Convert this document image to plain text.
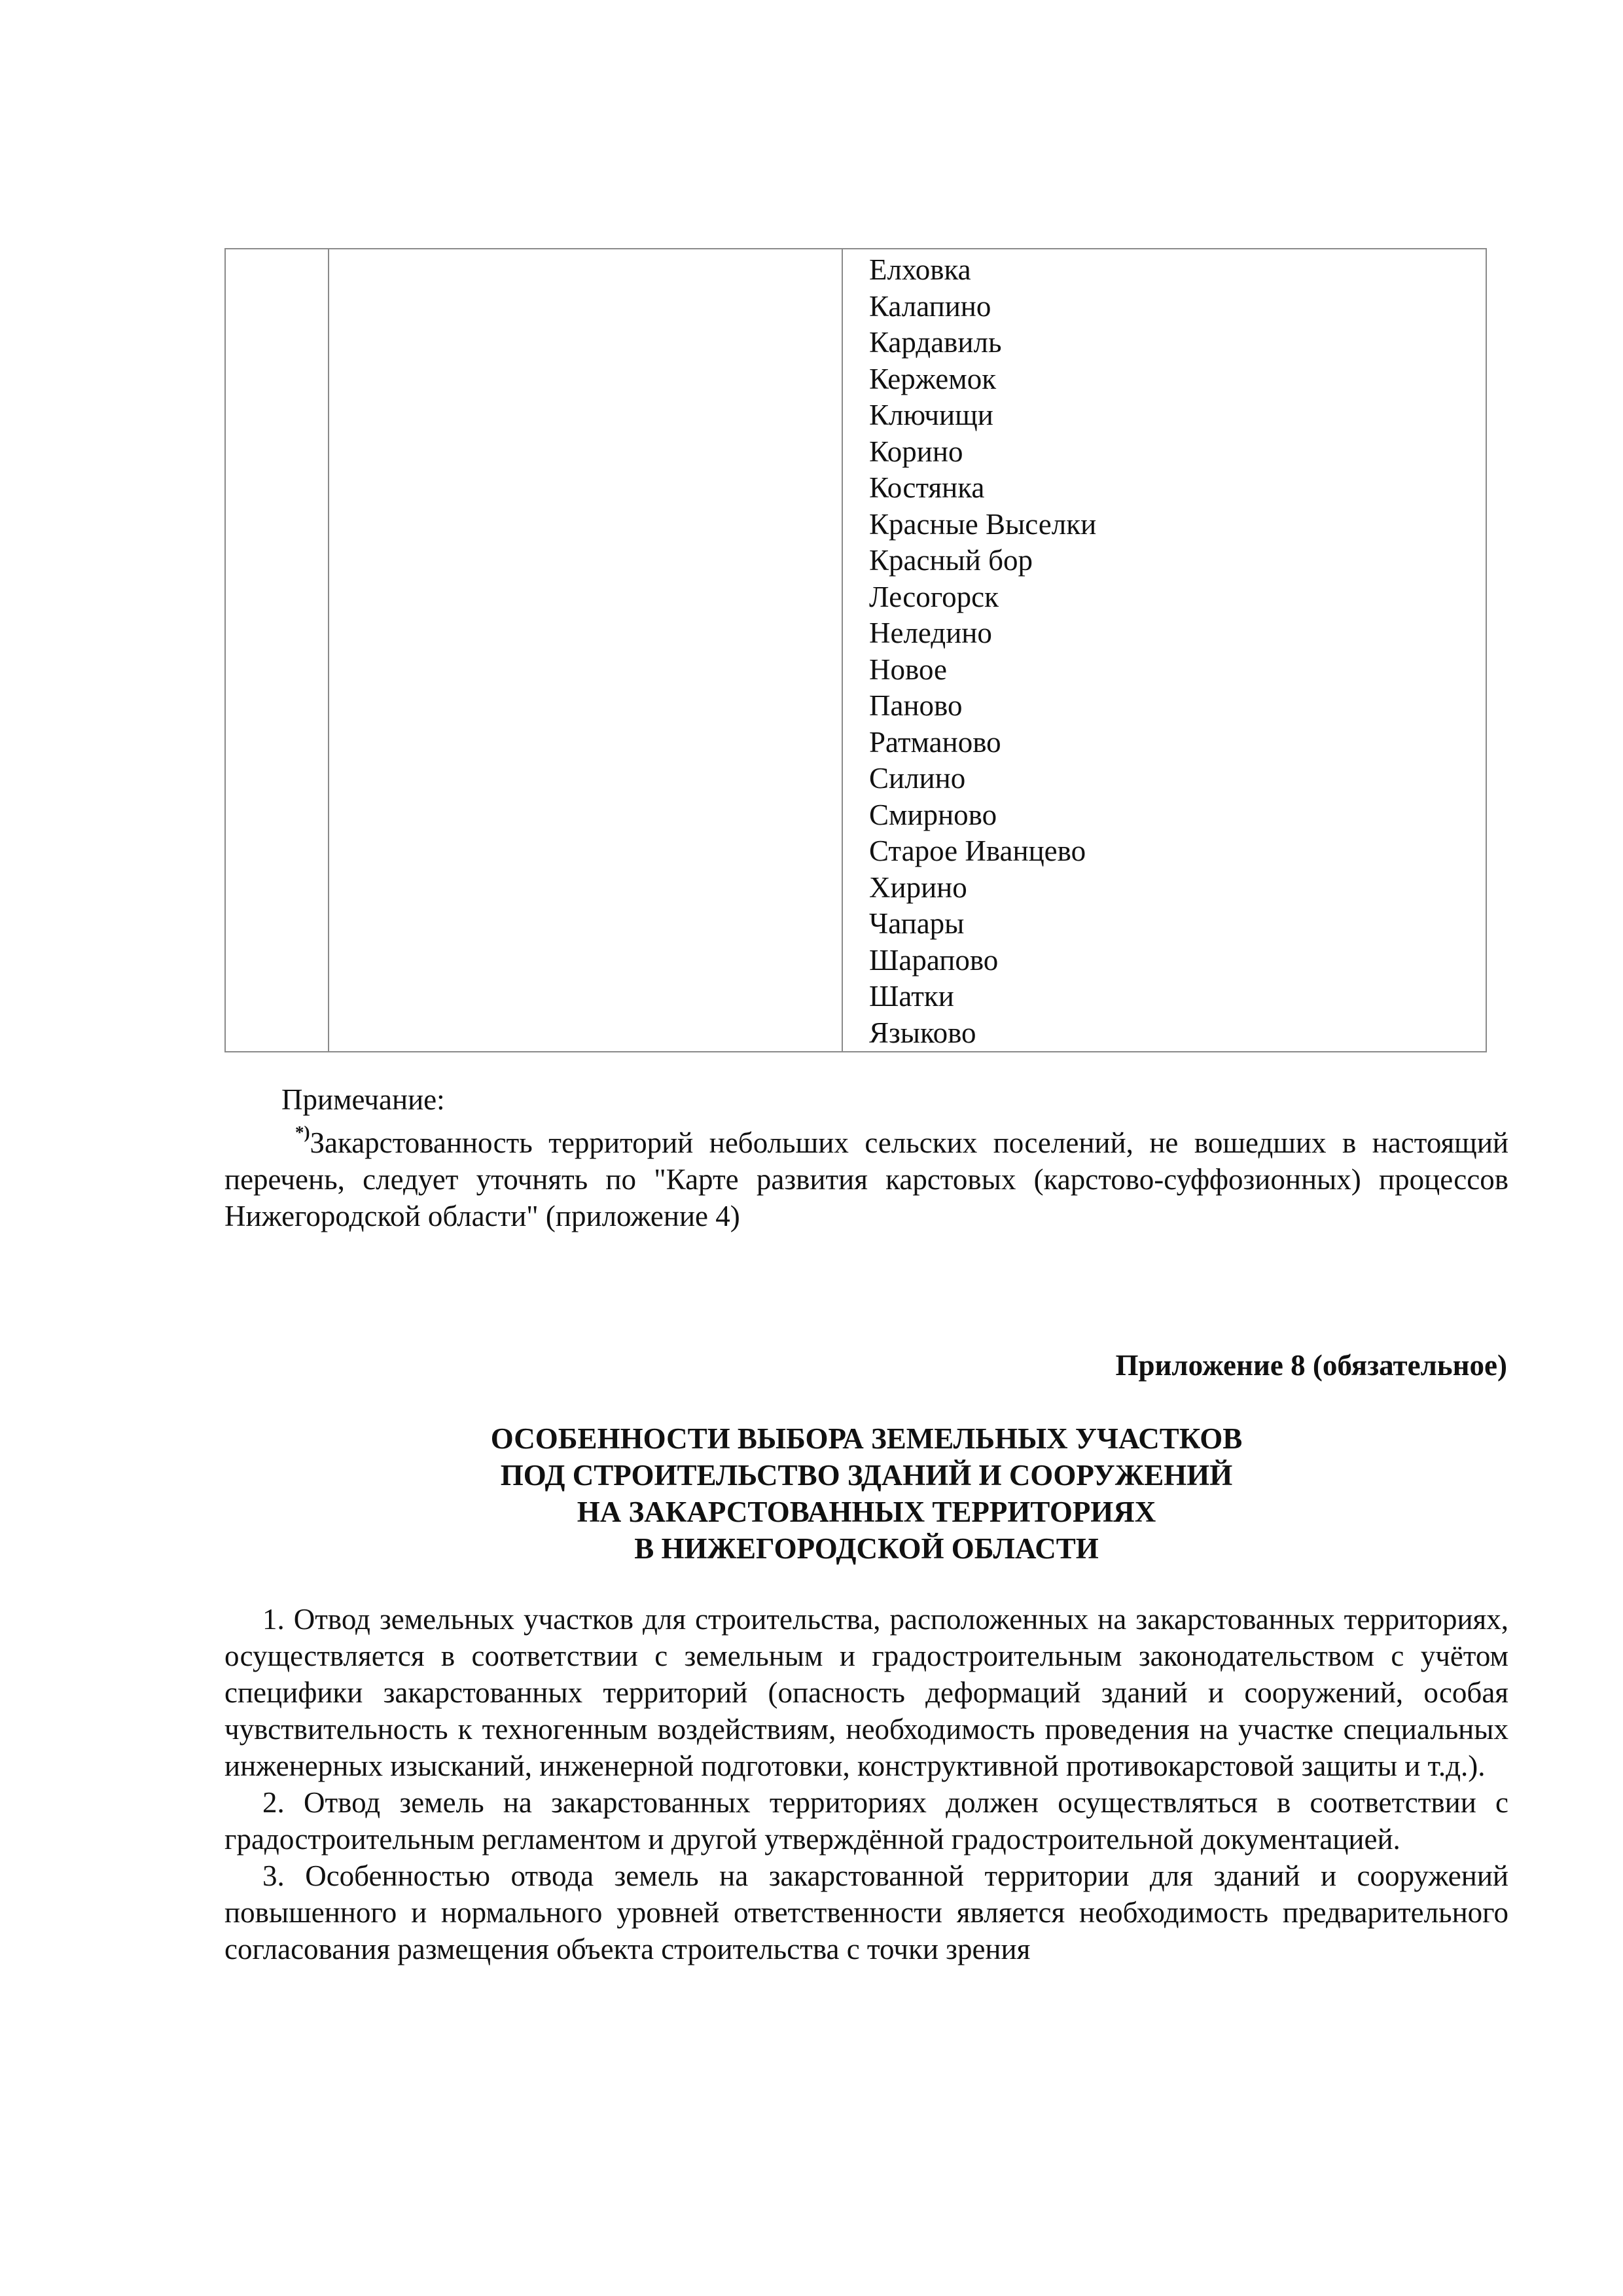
Елховка
Калапино
Кардавиль
Кержемок
Ключищи
Корино
Костянка
Красные Выселки
Красный бор
Лесогорск
Неледино
Новое
Паново
Ратманово
Силино
Смирново
Старое Иванцево
Хирино
Чапары
Шарапово
Шатки
Языково

Примечание:

*)Закарстованность территорий небольших сельских поселений, не вошедших в настоящий перечень, следует уточнять по "Карте развития карстовых (карстово-суффозионных) процессов Нижегородской области" (приложение 4)

Приложение 8 (обязательное)

ОСОБЕННОСТИ ВЫБОРА ЗЕМЕЛЬНЫХ УЧАСТКОВ
ПОД СТРОИТЕЛЬСТВО ЗДАНИЙ И СООРУЖЕНИЙ
НА ЗАКАРСТОВАННЫХ ТЕРРИТОРИЯХ
В НИЖЕГОРОДСКОЙ ОБЛАСТИ

1. Отвод земельных участков для строительства, расположенных на закарстованных территориях, осуществляется в соответствии с земельным и градостроительным законодательством с учётом специфики закарстованных территорий (опасность деформаций зданий и сооружений, особая чувствительность к техногенным воздействиям, необходимость проведения на участке специальных инженерных изысканий, инженерной подготовки, конструктивной противокарстовой защиты и т.д.).

2. Отвод земель на закарстованных территориях должен осуществляться в соответствии с градостроительным регламентом и другой утверждённой градостроительной документацией.

3. Особенностью отвода земель на закарстованной территории для зданий и сооружений повышенного и нормального уровней ответственности является необходимость предварительного согласования размещения объекта строительства с точки зрения
